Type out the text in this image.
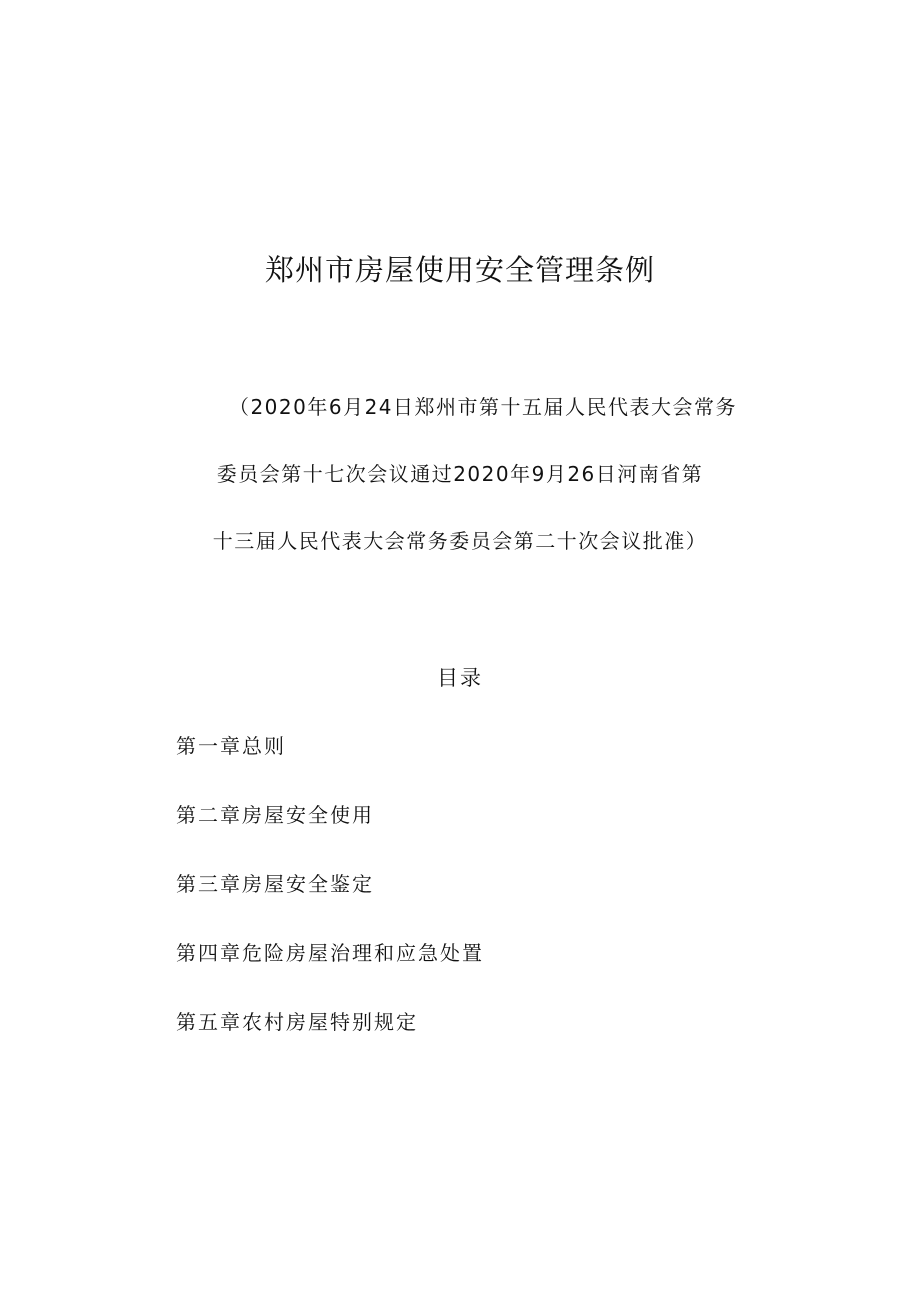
郑州市房屋使用安全管理条例
（2020年6月24日郑州市第十五届人民代表大会常务
委员会第十七次会议通过2020年9月26日河南省第
十三届人民代表大会常务委员会第二十次会议批准）
目录
第一章总则
第二章房屋安全使用
第三章房屋安全鉴定
第四章危险房屋治理和应急处置
第五章农村房屋特别规定
